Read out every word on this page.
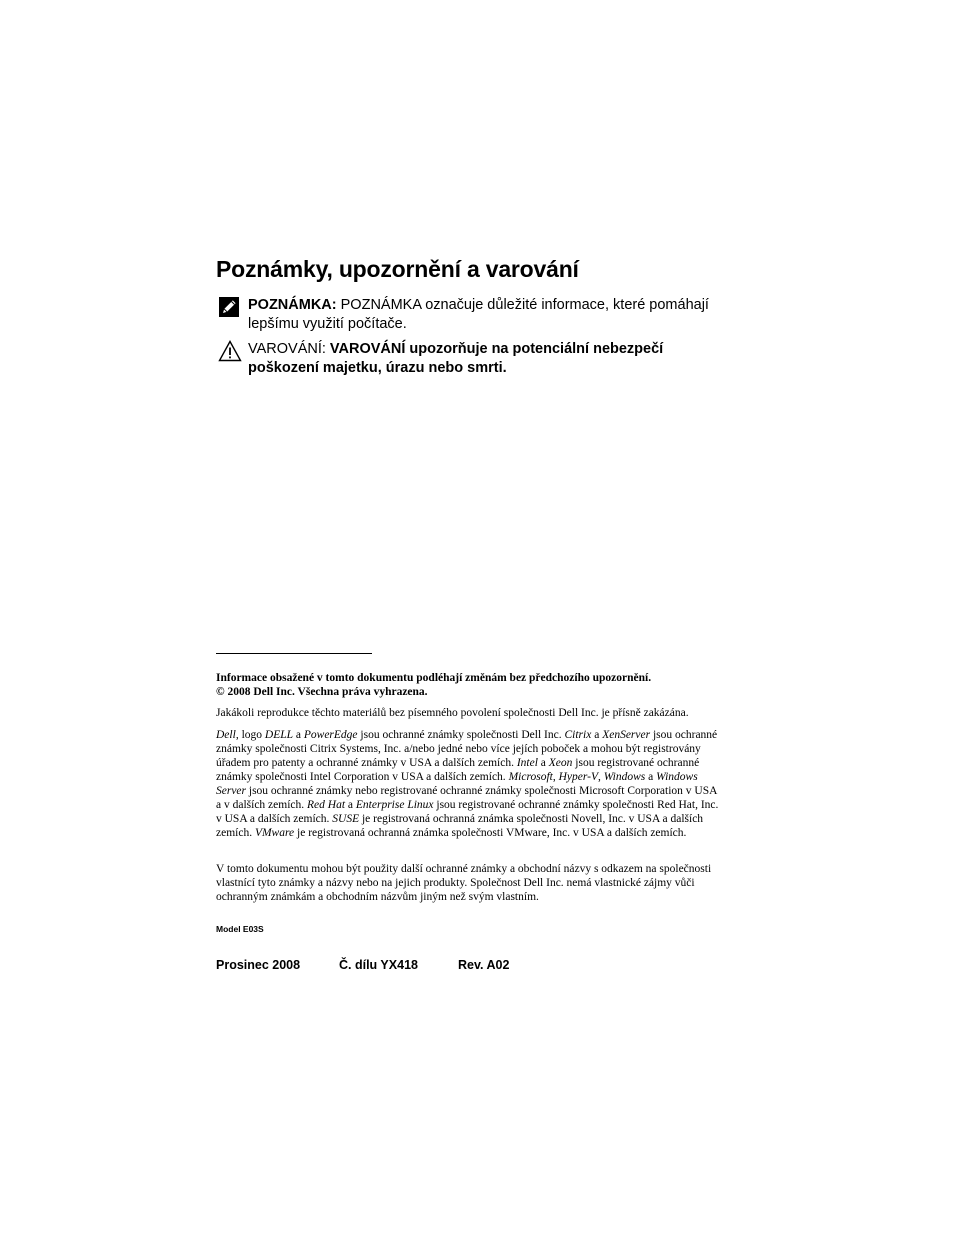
Poznámky, upozornění a varování
POZNÁMKA: POZNÁMKA označuje důležité informace, které pomáhají lepšímu využití počítače.
VAROVÁNÍ: VAROVÁNÍ upozorňuje na potenciální nebezpečí poškození majetku, úrazu nebo smrti.
Informace obsažené v tomto dokumentu podléhají změnám bez předchozího upozornění.
© 2008 Dell Inc. Všechna práva vyhrazena.
Jakákoli reprodukce těchto materiálů bez písemného povolení společnosti Dell Inc. je přísně zakázána.
Dell, logo DELL a PowerEdge jsou ochranné známky společnosti Dell Inc. Citrix a XenServer jsou ochranné známky společnosti Citrix Systems, Inc. a/nebo jedné nebo více jejích poboček a mohou být registrovány úřadem pro patenty a ochranné známky v USA a dalších zemích. Intel a Xeon jsou registrované ochranné známky společnosti Intel Corporation v USA a dalších zemích. Microsoft, Hyper-V, Windows a Windows Server jsou ochranné známky nebo registrované ochranné známky společnosti Microsoft Corporation v USA a v dalších zemích. Red Hat a Enterprise Linux jsou registrované ochranné známky společnosti Red Hat, Inc. v USA a dalších zemích. SUSE je registrovaná ochranná známka společnosti Novell, Inc. v USA a dalších zemích. VMware je registrovaná ochranná známka společnosti VMware, Inc. v USA a dalších zemích.
V tomto dokumentu mohou být použity další ochranné známky a obchodní názvy s odkazem na společnosti vlastnící tyto známky a názvy nebo na jejich produkty. Společnost Dell Inc. nemá vlastnické zájmy vůči ochranným známkám a obchodním názvům jiným než svým vlastním.
Model E03S
Prosinec 2008	Č. dílu YX418	Rev. A02
